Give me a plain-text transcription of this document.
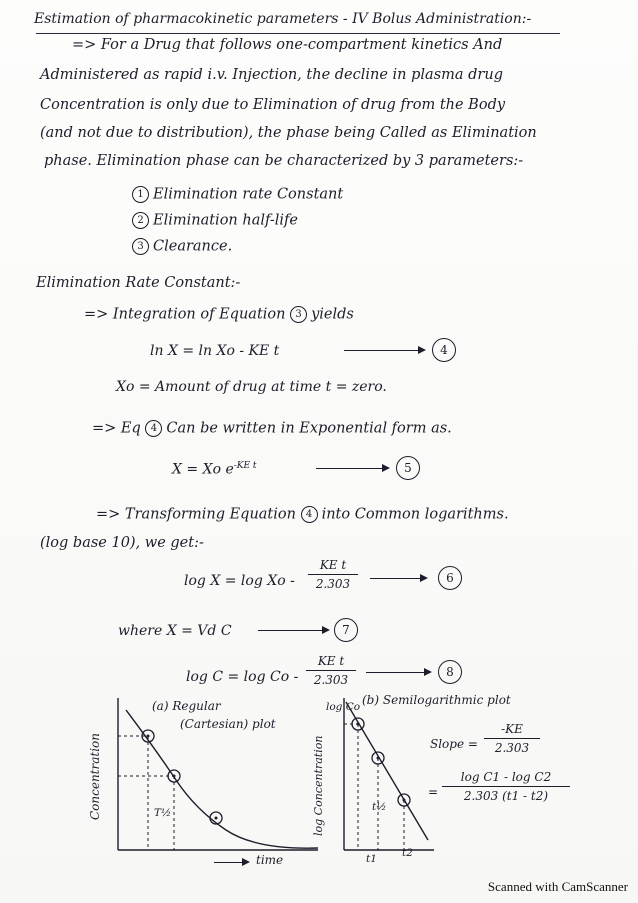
Estimation of pharmacokinetic parameters - IV Bolus Administration:-
=> For a Drug that follows one-compartment kinetics And
Administered as rapid i.v. Injection, the decline in plasma drug
Concentration is only due to Elimination of drug from the Body
(and not due to distribution), the phase being Called as Elimination
phase. Elimination phase can be characterized by 3 parameters:-
1 Elimination rate Constant
2 Elimination half-life
3 Clearance.
Elimination Rate Constant:-
=> Integration of Equation 3 yields
ln X = ln Xo - KE t	4
Xo = Amount of drug at time t = zero.
=> Eq 4 Can be written in Exponential form as.
X = Xo $e^{-KE t}$	5
=> Transforming Equation 4 into Common logarithms.
(log base 10), we get:-
$\log X = \log Xo - \frac{\text{KE t}}{2.303}$	6
where X = Vd C	7
$\log C = \log Co - \frac{\text{KE t}}{2.303}$	8
Concentration
(a) Regular
(Cartesian) plot
T½	log Concentration
log Co (b) Semilogarithmic plot
t½
t1 t2
Slope = $\frac{-KE}{2.303}$
= $\frac{\text{log C1 - log C2}}{2.303 (t1 - t2)}$
time
Scanned with CamScanner
